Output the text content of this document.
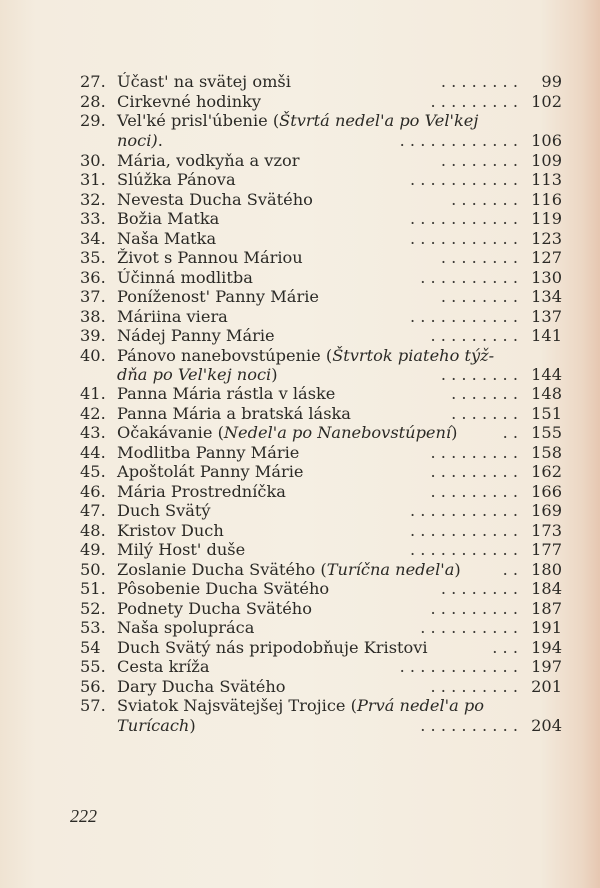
27. Účast' na svätej omši	. . . . . . . .	99
28. Cirkevné hodinky	. . . . . . . . . 102
29. Vel'ké prisl'úbenie (Štvrtá nedel'a po Vel'kej
noci).	. . . . . . . . . . . . 106
30. Mária, vodkyňa a vzor	. . . . . . . . 109
31. Slúžka Pánova	. . . . . . . . . . . 113
32. Nevesta Ducha Svätého	. . . . . . . 116
33. Božia Matka	. . . . . . . . . . . 119
34. Naša Matka	. . . . . . . . . . . 123
35. Život s Pannou Máriou	. . . . . . . . 127
36. Účinná modlitba	. . . . . . . . . . 130
37. Poníženost' Panny Márie	. . . . . . . . 134
38. Máriina viera	. . . . . . . . . . . 137
39. Nádej Panny Márie	. . . . . . . . . 141
40. Pánovo nanebovstúpenie (Štvrtok piateho týž-
dňa po Vel'kej noci)	. . . . . . . . 144
41. Panna Mária rástla v láske	. . . . . . . 148
42. Panna Mária a bratská láska	. . . . . . . 151
43. Očakávanie (Nedel'a po Nanebovstúpení)	. . 155
44. Modlitba Panny Márie	. . . . . . . . . 158
45. Apoštolát Panny Márie	. . . . . . . . . 162
46. Mária Prostredníčka	. . . . . . . . . 166
47. Duch Svätý	. . . . . . . . . . . 169
48. Kristov Duch	. . . . . . . . . . . 173
49. Milý Host' duše	. . . . . . . . . . . 177
50. Zoslanie Ducha Svätého (Turíčna nedel'a)	. . 180
51. Pôsobenie Ducha Svätého	. . . . . . . . 184
52. Podnety Ducha Svätého	. . . . . . . . . 187
53. Naša spolupráca	. . . . . . . . . . 191
54 Duch Svätý nás pripodobňuje Kristovi	. . . 194
55. Cesta kríža	. . . . . . . . . . . . 197
56. Dary Ducha Svätého	. . . . . . . . . 201
57. Sviatok Najsvätejšej Trojice (Prvá nedel'a po
Turícach)	. . . . . . . . . . 204
222
